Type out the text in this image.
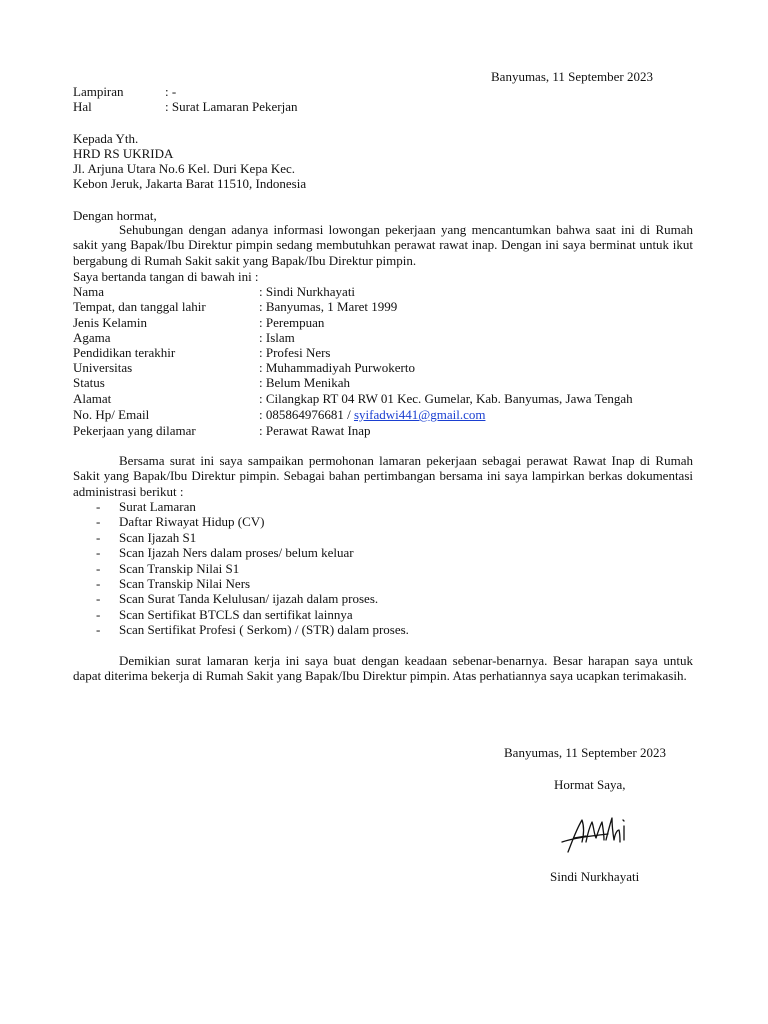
Banyumas, 11 September 2023
Lampiran	: -
Hal	: Surat Lamaran Pekerjan
Kepada Yth.
HRD RS UKRIDA
Jl. Arjuna Utara No.6 Kel. Duri Kepa Kec.
Kebon Jeruk, Jakarta Barat 11510, Indonesia
Dengan hormat,

Sehubungan dengan adanya informasi lowongan pekerjaan yang mencantumkan bahwa saat ini di Rumah sakit yang Bapak/Ibu Direktur pimpin sedang membutuhkan perawat rawat inap. Dengan ini saya berminat untuk ikut bergabung di Rumah Sakit sakit yang Bapak/Ibu Direktur pimpin.

Saya bertanda tangan di bawah ini :
Nama	: Sindi Nurkhayati
Tempat, dan tanggal lahir	: Banyumas, 1 Maret 1999
Jenis Kelamin	: Perempuan
Agama	: Islam
Pendidikan terakhir	: Profesi Ners
Universitas	: Muhammadiyah Purwokerto
Status	: Belum Menikah
Alamat	: Cilangkap RT 04 RW 01 Kec. Gumelar, Kab. Banyumas, Jawa Tengah
No. Hp/ Email	: 085864976681 / syifadwi441@gmail.com
Pekerjaan yang dilamar	: Perawat Rawat Inap

Bersama surat ini saya sampaikan permohonan lamaran pekerjaan sebagai perawat Rawat Inap di Rumah Sakit yang Bapak/Ibu Direktur pimpin. Sebagai bahan pertimbangan bersama ini saya lampirkan berkas dokumentasi administrasi berikut :

- Surat Lamaran
- Daftar Riwayat Hidup (CV)
- Scan Ijazah S1
- Scan Ijazah Ners dalam proses/ belum keluar
- Scan Transkip Nilai S1
- Scan Transkip Nilai Ners
- Scan Surat Tanda Kelulusan/ ijazah dalam proses.
- Scan Sertifikat BTCLS dan sertifikat lainnya
- Scan Sertifikat Profesi ( Serkom) / (STR) dalam proses.

Demikian surat lamaran kerja ini saya buat dengan keadaan sebenar-benarnya. Besar harapan saya untuk dapat diterima bekerja di Rumah Sakit yang Bapak/Ibu Direktur pimpin. Atas perhatiannya saya ucapkan terimakasih.

Banyumas, 11 September 2023
Hormat Saya,
Sindi Nurkhayati
